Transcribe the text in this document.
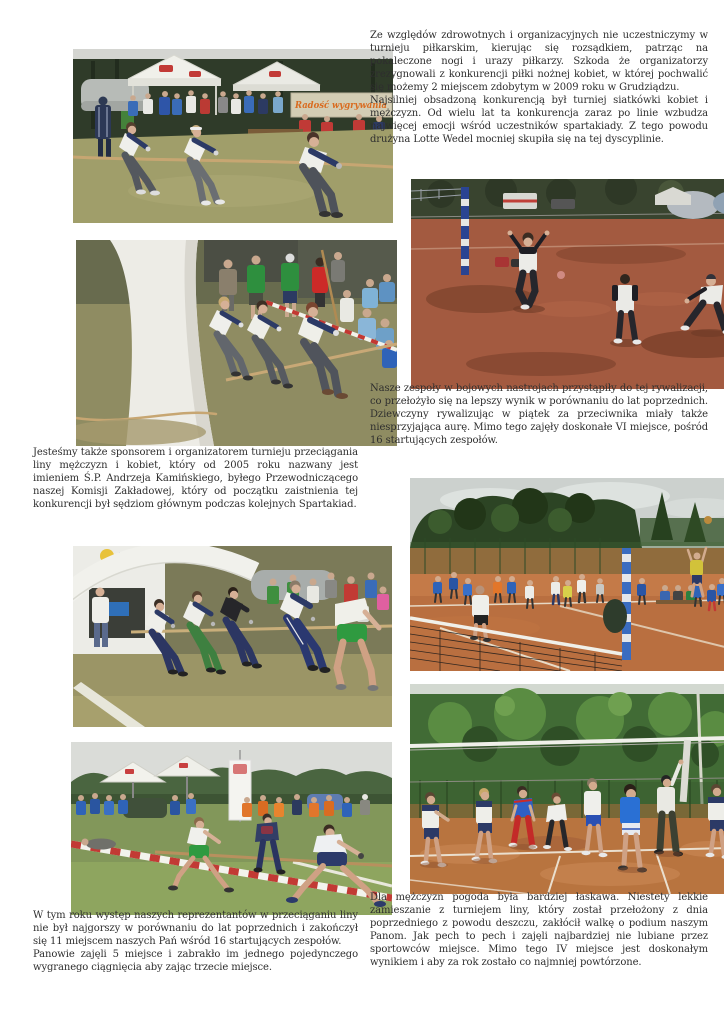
Radość wygrywania

Jesteśmy także sponsorem i organizatorem turnieju przeciągania liny mężczyzn i kobiet, który od 2005 roku nazwany jest imieniem Ś.P. Andrzeja Kamińskiego, byłego Przewodniczącego naszej Komisji Zakładowej, który od początku zaistnienia tej konkurencji był sędziom głównym podczas kolejnych Spartakiad.

W tym roku występ naszych reprezentantów w przeciąganiu liny nie był najgorszy w porównaniu do lat poprzednich i zakończył się 11 miejscem naszych Pań wśród 16 startujących zespołów.

Panowie zajęli 5 miejsce i zabrakło im jednego pojedynczego wygranego ciągnięcia aby zając trzecie miejsce.

Ze względów zdrowotnych i organizacyjnych nie uczestniczymy w turnieju piłkarskim, kierując się rozsądkiem, patrząc na pokaleczone nogi i urazy piłkarzy. Szkoda że organizatorzy zrezygnowali z konkurencji piłki nożnej kobiet, w której pochwalić się możemy 2 miejscem zdobytym w 2009 roku w Grudziądzu.

Najsilniej obsadzoną konkurencją był turniej siatkówki kobiet i mężczyzn. Od wielu lat ta konkurencja zaraz po linie wzbudza najwięcej emocji wśród uczestników spartakiady. Z tego powodu drużyna Lotte Wedel mocniej skupiła się na tej dyscyplinie.

Nasze zespoły w bojowych nastrojach przystąpiły do tej rywalizacji, co przełożyło się na lepszy wynik w porównaniu do lat poprzednich. Dziewczyny rywalizując w piątek za przeciwnika miały także niesprzyjająca aurę. Mimo tego zajęły doskonałe VI miejsce, pośród 16 startujących zespołów.

Dla mężczyzn pogoda była bardziej łaskawa. Niestety lekkie zamieszanie z turniejem liny, który został przełożony z dnia poprzedniego z powodu deszczu, zakłócił walkę o podium naszym Panom. Jak pech to pech i zajęli najbardziej nie lubiane przez sportowców miejsce. Mimo tego IV miejsce jest doskonałym wynikiem i aby za rok zostało co najmniej powtórzone.
